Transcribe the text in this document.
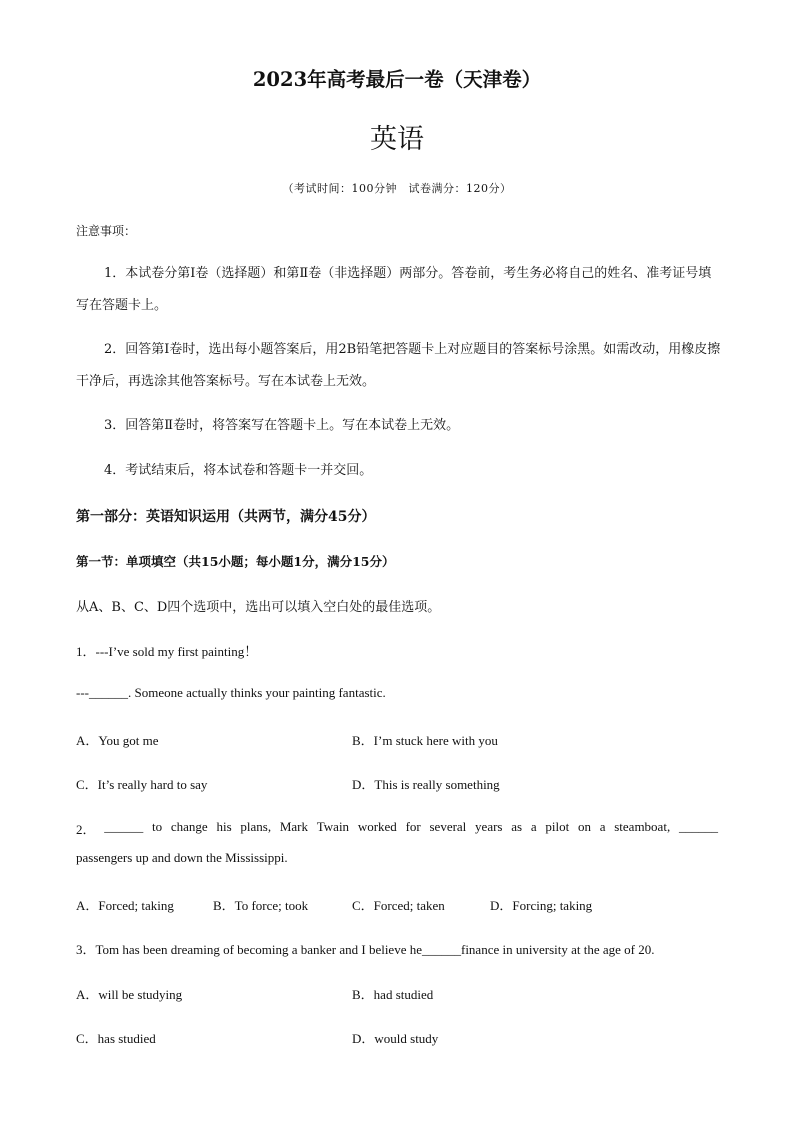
2023年高考最后一卷（天津卷）
英语
（考试时间：100分钟　试卷满分：120分）
注意事项：
1．本试卷分第Ⅰ卷（选择题）和第Ⅱ卷（非选择题）两部分。答卷前，考生务必将自己的姓名、准考证号填写在答题卡上。
2．回答第Ⅰ卷时，选出每小题答案后，用2B铅笔把答题卡上对应题目的答案标号涂黑。如需改动，用橡皮擦干净后，再选涂其他答案标号。写在本试卷上无效。
3．回答第Ⅱ卷时，将答案写在答题卡上。写在本试卷上无效。
4．考试结束后，将本试卷和答题卡一并交回。
第一部分：英语知识运用（共两节，满分45分）
第一节：单项填空（共15小题；每小题1分，满分15分）
从A、B、C、D四个选项中，选出可以填入空白处的最佳选项。
1．---I’ve sold my first painting！
---______. Someone actually thinks your painting fantastic.
A．You got me	B．I’m stuck here with you
C．It’s really hard to say	D．This is really something
2． ______ to change his plans, Mark Twain worked for several years as a pilot on a steamboat, ______
passengers up and down the Mississippi.
A．Forced; taking	B．To force; took	C．Forced; taken	D．Forcing; taking
3．Tom has been dreaming of becoming a banker and I believe he______finance in university at the age of 20.
A．will be studying	B．had studied
C．has studied	D．would study
